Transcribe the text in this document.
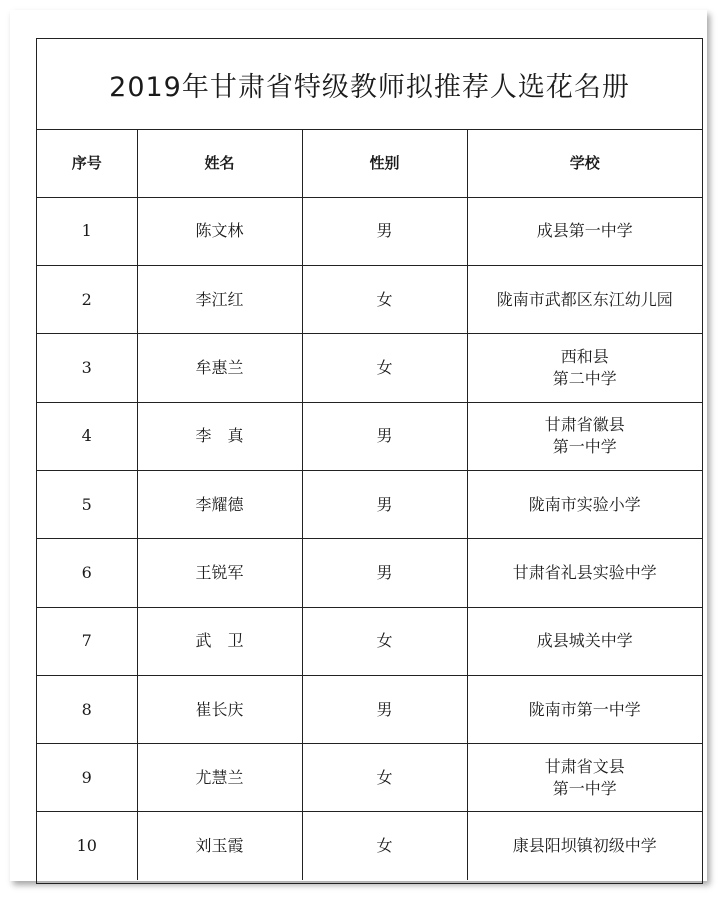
2019年甘肃省特级教师拟推荐人选花名册
序号	姓名	性别	学校
1	陈文林	男	成县第一中学

2	李江红	女	陇南市武都区东江幼儿园

3	牟惠兰	女	西和县
第二中学

4	李　真	男	甘肃省徽县
第一中学

5	李耀德	男	陇南市实验小学

6	王锐军	男	甘肃省礼县实验中学

7	武　卫	女	成县城关中学

8	崔长庆	男	陇南市第一中学

9	尤慧兰	女	甘肃省文县
第一中学

10	刘玉霞	女	康县阳坝镇初级中学
